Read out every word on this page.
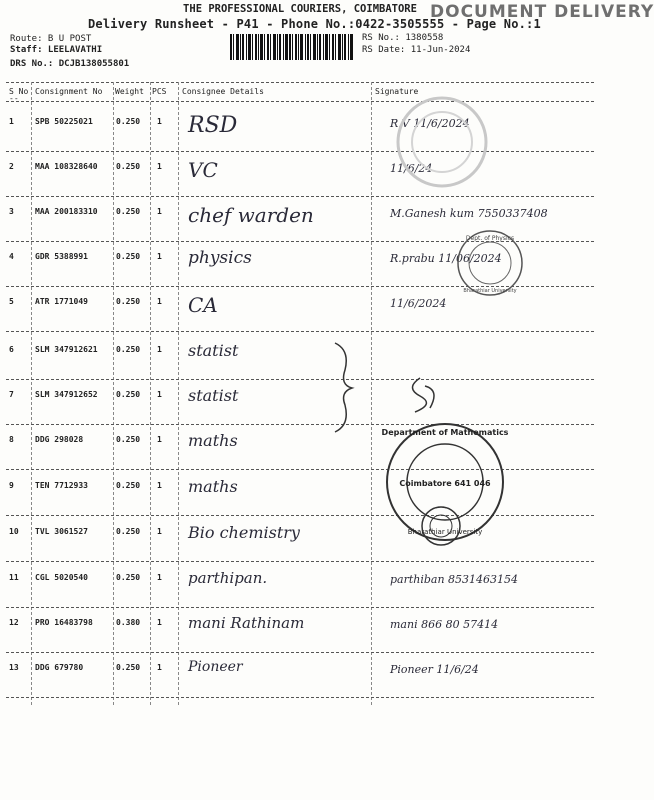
THE PROFESSIONAL COURIERS, COIMBATORE DOCUMENT DELIVERY
Delivery Runsheet - P41 - Phone No.:0422-3505555 - Page No.:1
Route: B U POST
Staff: LEELAVATHI
DRS No.: DCJB138055801
RS No.: 1380558
RS Date: 11-Jun-2024
S No Consignment No Weight PCS Consignee Details	Signature
--
1	SPB 50225021	0.250 1 RSD	R.V 11/6/2024
2	MAA 108328640 0.250 1 VC	11/6/24
3	MAA 200183310 0.250 1 chef warden	M.Ganesh kum 7550337408
4	GDR 5388991	0.250 1 physics	R.prabu 11/06/2024
5	ATR 1771049	0.250 1 CA	11/6/2024
6	SLM 347912621 0.250 1 statist
7	SLM 347912652 0.250 1 statist
8	DDG 298028	0.250 1 maths
9	TEN 7712933	0.250 1 maths
10 TVL 3061527	0.250 1 Bio chemistry
11 CGL 5020540	0.250 1 parthipan.	parthiban 8531463154
12 PRO 16483798	0.380 1 mani Rathinam	mani 866 80 57414
13 DDG 679780	0.250 1 Pioneer	Pioneer 11/6/24
Dept. of Physics
Bharathiar University
Department of Mathematics
Coimbatore 641 046
Bharathiar University
